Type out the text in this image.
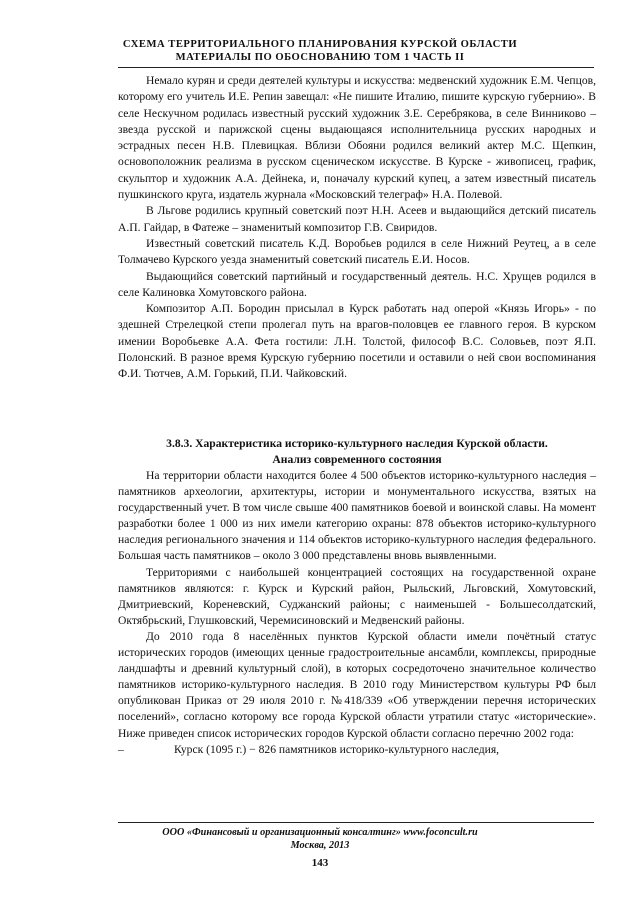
СХЕМА ТЕРРИТОРИАЛЬНОГО ПЛАНИРОВАНИЯ КУРСКОЙ ОБЛАСТИ
МАТЕРИАЛЫ ПО ОБОСНОВАНИЮ ТОМ 1 ЧАСТЬ II

Немало курян и среди деятелей культуры и искусства: медвенский художник Е.М. Чепцов, которому его учитель И.Е. Репин завещал: «Не пишите Италию, пишите курскую губернию». В селе Нескучном родилась известный русский художник З.Е. Серебрякова, в селе Винниково – звезда русской и парижской сцены выдающаяся исполнительница русских народных и эстрадных песен Н.В. Плевицкая. Вблизи Обояни родился великий актер М.С. Щепкин, основоположник реализма в русском сценическом искусстве. В Курске - живописец, график, скульптор и художник А.А. Дейнека, и, поначалу курский купец, а затем известный писатель пушкинского круга, издатель журнала «Московский телеграф» Н.А. Полевой.

В Льгове родились крупный советский поэт Н.Н. Асеев и выдающийся детский писатель А.П. Гайдар, в Фатеже – знаменитый композитор Г.В. Свиридов.

Известный советский писатель К.Д. Воробьев родился в селе Нижний Реутец, а в селе Толмачево Курского уезда знаменитый советский писатель Е.И. Носов.

Выдающийся советский партийный и государственный деятель. Н.С. Хрущев родился в селе Калиновка Хомутовского района.

Композитор А.П. Бородин присылал в Курск работать над оперой «Князь Игорь» - по здешней Стрелецкой степи пролегал путь на врагов-половцев ее главного героя. В курском имении Воробьевке А.А. Фета гостили: Л.Н. Толстой, философ В.С. Соловьев, поэт Я.П. Полонский. В разное время Курскую губернию посетили и оставили о ней свои воспоминания Ф.И. Тютчев, А.М. Горький, П.И. Чайковский.

3.8.3. Характеристика историко-культурного наследия Курской области.
Анализ современного состояния

На территории области находится более 4 500 объектов историко-культурного наследия – памятников археологии, архитектуры, истории и монументального искусства, взятых на государственный учет. В том числе свыше 400 памятников боевой и воинской славы. На момент разработки более 1 000 из них имели категорию охраны: 878 объектов историко-культурного наследия регионального значения и 114 объектов историко-культурного наследия федерального. Большая часть памятников – около 3 000 представлены вновь выявленными.

Территориями с наибольшей концентрацией состоящих на государственной охране памятников являются: г. Курск и Курский район, Рыльский, Льговский, Хомутовский, Дмитриевский, Кореневский, Суджанский районы; с наименьшей - Большесолдатский, Октябрьский, Глушковский, Черемисиновский и Медвенский районы.

До 2010 года 8 населённых пунктов Курской области имели почётный статус исторических городов (имеющих ценные градостроительные ансамбли, комплексы, природные ландшафты и древний культурный слой), в которых сосредоточено значительное количество памятников историко-культурного наследия. В 2010 году Министерством культуры РФ был опубликован Приказ от 29 июля 2010 г. №418/339 «Об утверждении перечня исторических поселений», согласно которому все города Курской области утратили статус «исторические». Ниже приведен список исторических городов Курской области согласно перечню 2002 года:

–	Курск (1095 г.) − 826 памятников историко-культурного наследия,
ООО «Финансовый и организационный консалтинг» www.foconcult.ru
Москва, 2013
143
